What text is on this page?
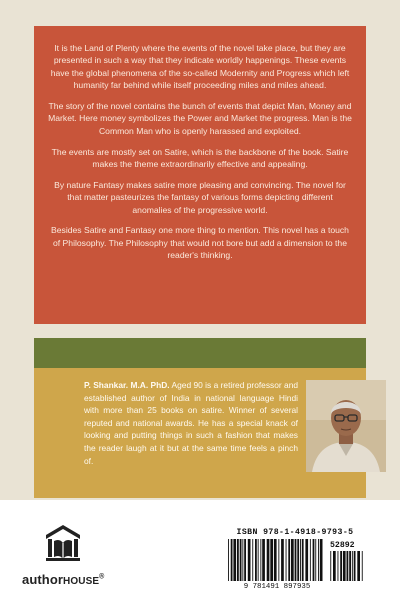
It is the Land of Plenty where the events of the novel take place, but they are presented in such a way that they indicate worldly happenings. These events have the global phenomena of the so-called Modernity and Progress which left humanity far behind while itself proceeding miles and miles ahead.

The story of the novel contains the bunch of events that depict Man, Money and Market. Here money symbolizes the Power and Market the progress. Man is the Common Man who is openly harassed and exploited.

The events are mostly set on Satire, which is the backbone of the book. Satire makes the theme extraordinarily effective and appealing.

By nature Fantasy makes satire more pleasing and convincing. The novel for that matter pasteurizes the fantasy of various forms depicting different anomalies of the progressive world.

Besides Satire and Fantasy one more thing to mention. This novel has a touch of Philosophy. The Philosophy that would not bore but add a dimension to the reader's thinking.

P. Shankar. M.A. PhD. Aged 90 is a retired professor and established author of India in national language Hindi with more than 25 books on satire. Winner of several reputed and national awards. He has a special knack of looking and putting things in such a fashion that makes the reader laugh at it but at the same time feels a pinch of.

authorHOUSE®
ISBN 978-1-4918-9793-5
52892
9 781491 897935
